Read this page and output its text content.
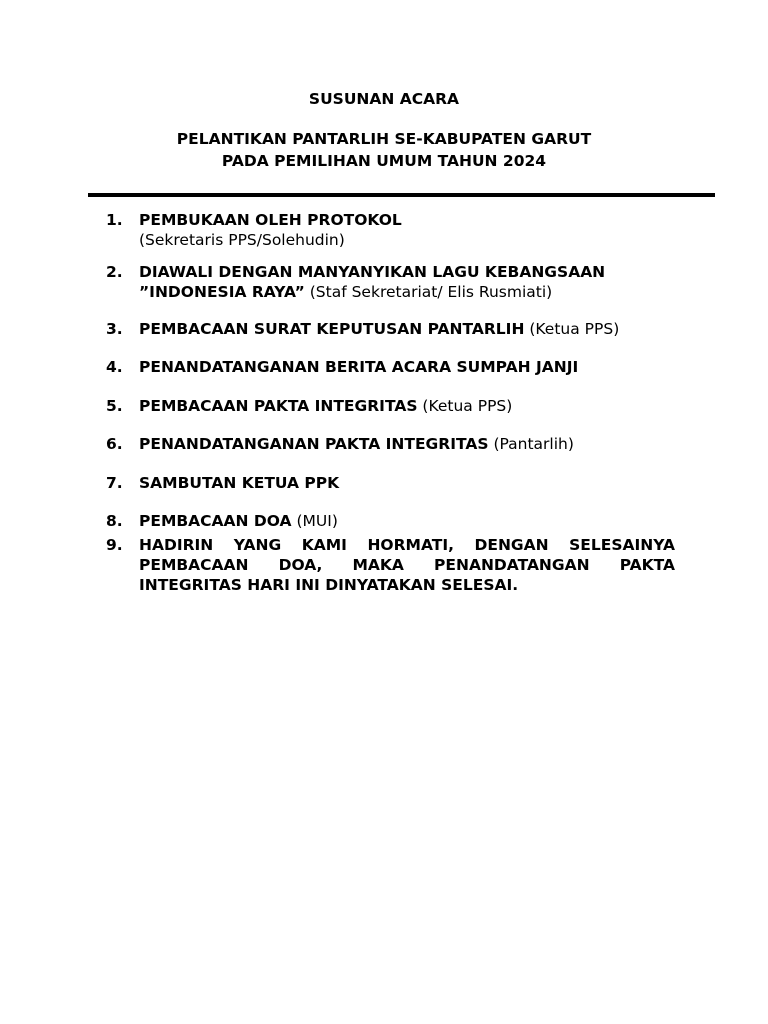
SUSUNAN ACARA
PELANTIKAN PANTARLIH SE-KABUPATEN GARUT
PADA PEMILIHAN UMUM TAHUN 2024
1. PEMBUKAAN OLEH PROTOKOL
(Sekretaris PPS/Solehudin)
2. DIAWALI DENGAN MANYANYIKAN LAGU KEBANGSAAN
”INDONESIA RAYA” (Staf Sekretariat/ Elis Rusmiati)
3. PEMBACAAN SURAT KEPUTUSAN PANTARLIH (Ketua PPS)
4. PENANDATANGANAN BERITA ACARA SUMPAH JANJI
5. PEMBACAAN PAKTA INTEGRITAS (Ketua PPS)
6. PENANDATANGANAN PAKTA INTEGRITAS (Pantarlih)
7. SAMBUTAN KETUA PPK
8. PEMBACAAN DOA (MUI)
9. HADIRIN YANG KAMI HORMATI, DENGAN SELESAINYA PEMBACAAN DOA, MAKA PENANDATANGAN PAKTA INTEGRITAS HARI INI DINYATAKAN SELESAI.
